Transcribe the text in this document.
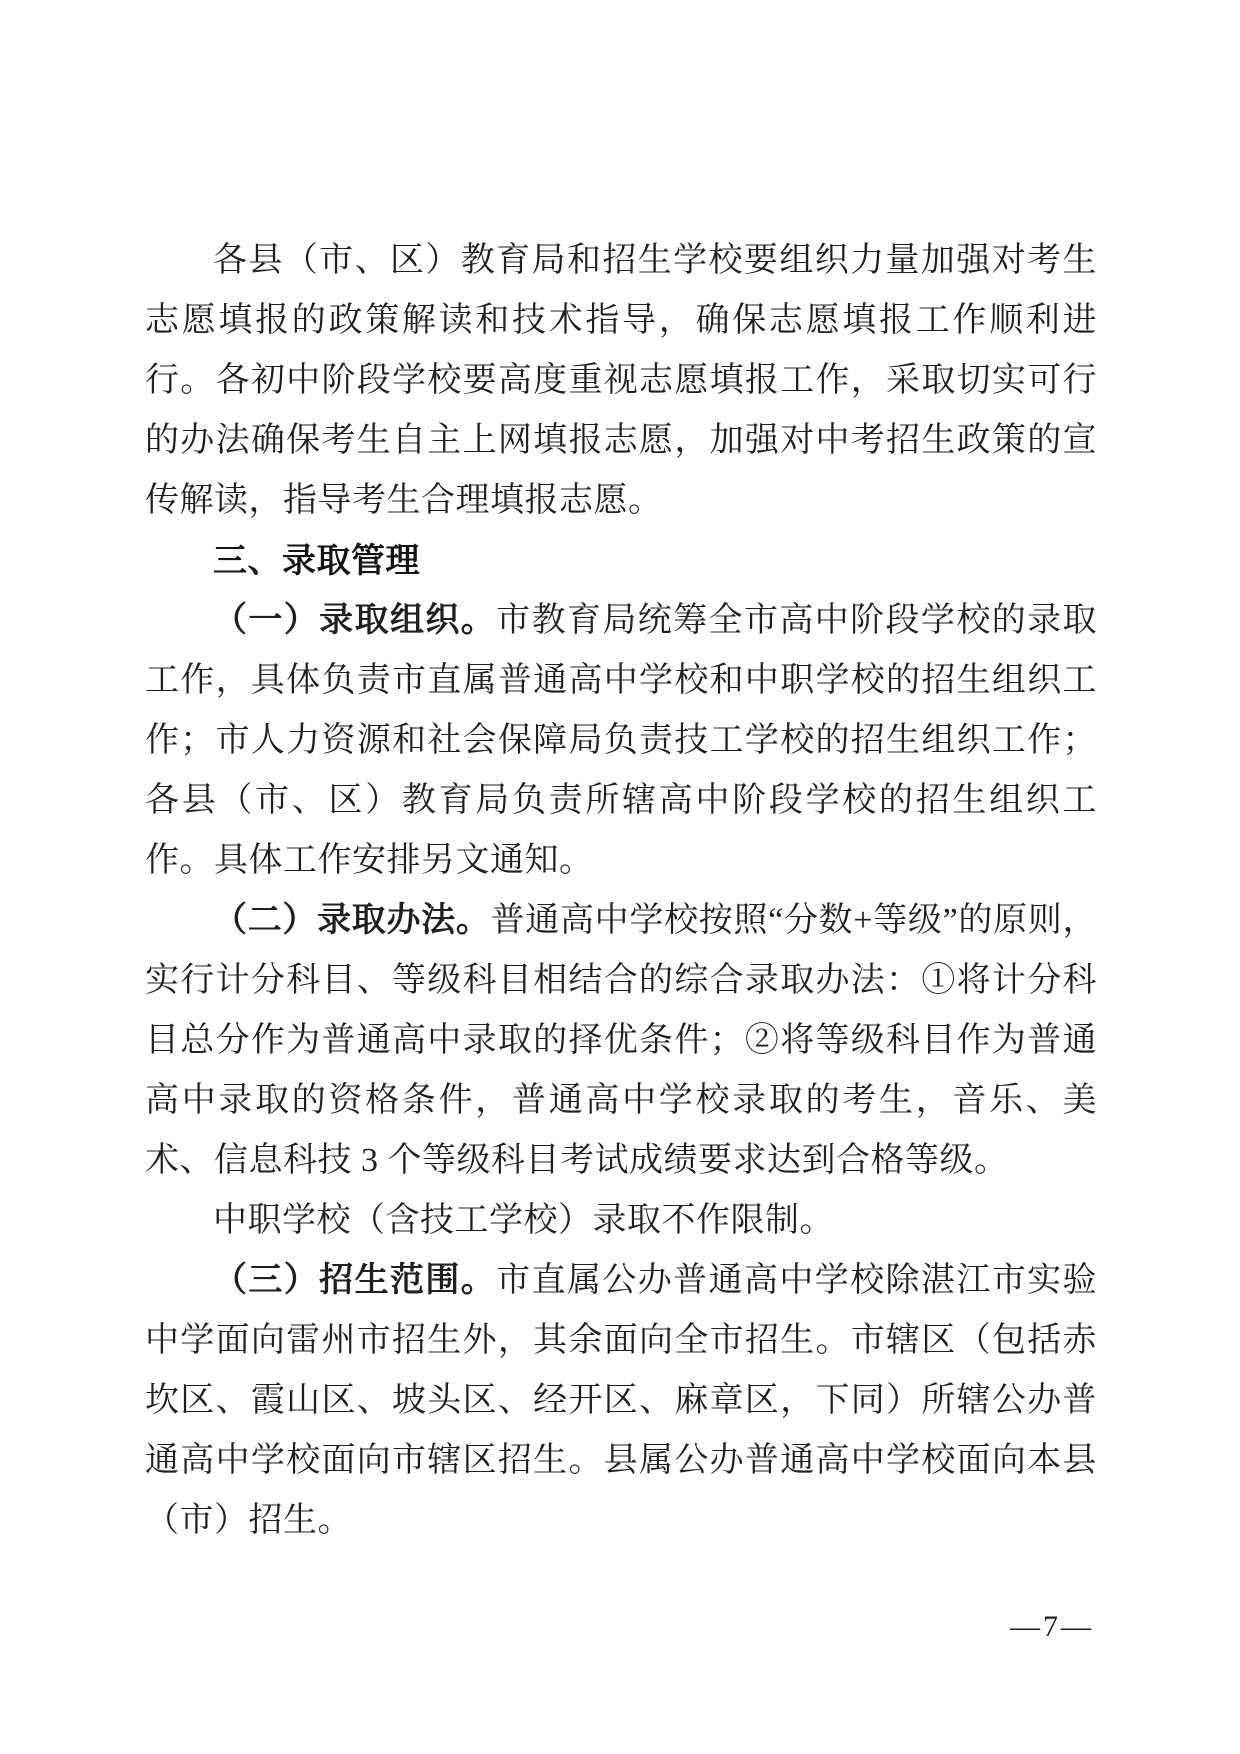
各县（市、区）教育局和招生学校要组织力量加强对考生志愿填报的政策解读和技术指导，确保志愿填报工作顺利进行。各初中阶段学校要高度重视志愿填报工作，采取切实可行的办法确保考生自主上网填报志愿，加强对中考招生政策的宣传解读，指导考生合理填报志愿。

三、录取管理

（一）录取组织。市教育局统筹全市高中阶段学校的录取工作，具体负责市直属普通高中学校和中职学校的招生组织工作；市人力资源和社会保障局负责技工学校的招生组织工作；各县（市、区）教育局负责所辖高中阶段学校的招生组织工作。具体工作安排另文通知。

（二）录取办法。普通高中学校按照“分数+等级”的原则，实行计分科目、等级科目相结合的综合录取办法：①将计分科目总分作为普通高中录取的择优条件；②将等级科目作为普通高中录取的资格条件，普通高中学校录取的考生，音乐、美术、信息科技 3 个等级科目考试成绩要求达到合格等级。

中职学校（含技工学校）录取不作限制。

（三）招生范围。市直属公办普通高中学校除湛江市实验中学面向雷州市招生外，其余面向全市招生。市辖区（包括赤坎区、霞山区、坡头区、经开区、麻章区，下同）所辖公办普通高中学校面向市辖区招生。县属公办普通高中学校面向本县（市）招生。

—7—
